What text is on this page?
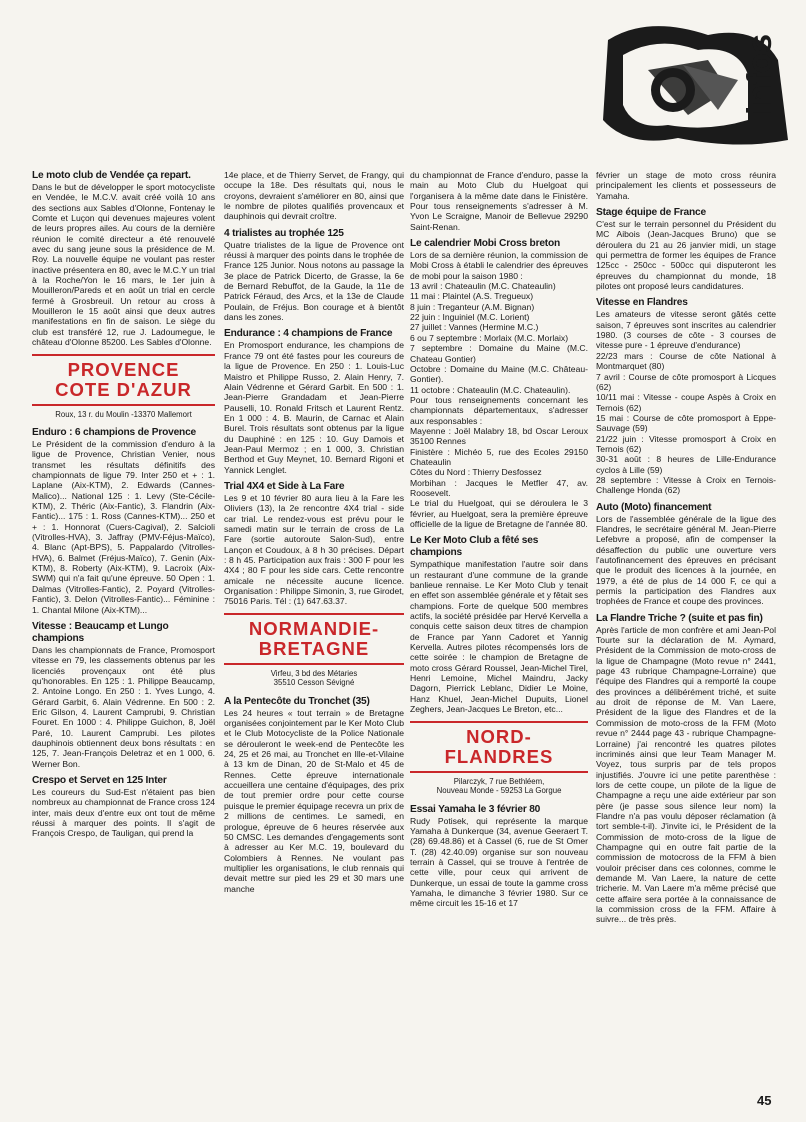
infos

Le moto club de Vendée ça repart.

Dans le but de développer le sport motocycliste en Vendée, le M.C.V. avait créé voilà 10 ans des sections aux Sables d'Olonne, Fontenay le Comte et Luçon qui devenues majeures volent de leurs propres ailes. Au cours de la dernière réunion le comité directeur a été renouvelé avec du sang jeune sous la présidence de M. Roy. La nouvelle équipe ne voulant pas rester inactive présentera en 80, avec le M.C.Y un trial à la Roche/Yon le 16 mars, le 1er juin à Mouilleron/Pareds et en août un trial en cercle fermé à Grosbreuil. Un retour au cross à Mouilleron le 15 août ainsi que deux autres manifestations en fin de saison. Le siège du club est transféré 12, rue J. Ladoumegue, le château d'Olonne 85200. Les Sables d'Olonne.

PROVENCE
COTE D'AZUR

Roux, 13 r. du Moulin -13370 Mallemort

Enduro : 6 champions de Provence

Le Président de la commission d'enduro à la ligue de Provence, Christian Venier, nous transmet les résultats définitifs des championnats de ligue 79. Inter 250 et + : 1. Laplane (Aix-KTM), 2. Edwards (Cannes-Malico)... National 125 : 1. Levy (Ste-Cécile-KTM), 2. Théric (Aix-Fantic), 3. Flandrin (Aix-Fantic)... 175 : 1. Ross (Cannes-KTM)... 250 et + : 1. Honnorat (Cuers-Cagival), 2. Salcioli (Vitrolles-HVA), 3. Jaffray (PMV-Féjus-Maïco), 4. Blanc (Apt-BPS), 5. Pappalardo (Vitrolles-HVA), 6. Balmet (Fréjus-Maïco), 7. Genin (Aix-KTM), 8. Roberty (Aix-KTM), 9. Lacroix (Aix-SWM) qui n'a fait qu'une épreuve. 50 Open : 1. Dalmas (Vitrolles-Fantic), 2. Poyard (Vitrolles-Fantic), 3. Delon (Vitrolles-Fantic)... Féminine : 1. Chantal Milone (Aix-KTM)...

Vitesse : Beaucamp et Lungo champions

Dans les championnats de France, Promosport vitesse en 79, les classements obtenus par les licenciés provençaux ont été plus qu'honorables. En 125 : 1. Philippe Beaucamp, 2. Antoine Longo. En 250 : 1. Yves Lungo, 4. Gérard Garbit, 6. Alain Védrenne. En 500 : 2. Eric Gilson, 4. Laurent Camprubi, 9. Christian Fouret. En 1000 : 4. Philippe Guichon, 8, Joël Paré, 10. Laurent Camprubi. Les pilotes dauphinois obtiennent deux bons résultats : en 125, 7. Jean-François Deletraz et en 1 000, 6. Werner Bon.

Crespo et Servet en 125 Inter

Les coureurs du Sud-Est n'étaient pas bien nombreux au championnat de France cross 124 inter, mais deux d'entre eux ont tout de même réussi à marquer des points. Il s'agit de François Crespo, de Tauligan, qui prend la

14e place, et de Thierry Servet, de Frangy, qui occupe la 18e. Des résultats qui, nous le croyons, devraient s'améliorer en 80, ainsi que le nombre de pilotes qualifiés provencaux et dauphinois qui devrait croître.

4 trialistes au trophée 125

Quatre trialistes de la ligue de Provence ont réussi à marquer des points dans le trophée de France 125 Junior. Nous notons au passage la 3e place de Patrick Dicerto, de Grasse, la 6e de Bernard Rebuffot, de la Gaude, la 11e de Patrick Féraud, des Arcs, et la 13e de Claude Poulain, de Fréjus. Bon courage et à bientôt dans les zones.

Endurance : 4 champions de France

En Promosport endurance, les champions de France 79 ont été fastes pour les coureurs de la ligue de Provence. En 250 : 1. Louis-Luc Maistro et Philippe Russo, 2. Alain Henry, 7. Alain Védrenne et Gérard Garbit. En 500 : 1. Jean-Pierre Grandadam et Jean-Pierre Pauselli, 10. Ronald Fritsch et Laurent Rentz. En 1 000 : 4. B. Maurin, de Carnac et Alain Burel. Trois résultats sont obtenus par la ligue du Dauphiné : en 125 : 10. Guy Damois et Jean-Paul Mermoz ; en 1 000, 3. Christian Berthod et Guy Meynet, 10. Bernard Rigoni et Yannick Lenglet.

Trial 4X4 et Side à La Fare

Les 9 et 10 février 80 aura lieu à la Fare les Oliviers (13), la 2e rencontre 4X4 trial - side car trial. Le rendez-vous est prévu pour le samedi matin sur le terrain de cross de La Fare (sortie autoroute Salon-Sud), entre Lançon et Coudoux, à 8 h 30 précises. Départ : 8 h 45. Participation aux frais : 300 F pour les 4X4 ; 80 F pour les side cars. Cette rencontre amicale ne nécessite aucune licence. Organisation : Philippe Simonin, 3, rue Girodet, 75016 Paris. Tél : (1) 647.63.37.

NORMANDIE-
BRETAGNE
Virfeu, 3 bd des Métaries
35510 Cesson Sévigné

A la Pentecôte du Tronchet (35)

Les 24 heures « tout terrain » de Bretagne organisées conjointement par le Ker Moto Club et le Club Motocycliste de la Police Nationale se dérouleront le week-end de Pentecôte les 24, 25 et 26 mai, au Tronchet en Ille-et-Vilaine à 13 km de Dinan, 20 de St-Malo et 45 de Rennes. Cette épreuve internationale accueillera une centaine d'équipages, des prix de tout premier ordre pour cette course puisque le premier équipage recevra un prix de 2 millions de centimes. Le samedi, en prologue, épreuve de 6 heures réservée aux 50 CMSC. Les demandes d'engagements sont à adresser au Ker M.C. 19, boulevard du Colombiers à Rennes. Ne voulant pas multiplier les organisations, le club rennais qui devait mettre sur pied les 29 et 30 mars une manche

du championnat de France d'enduro, passe la main au Moto Club du Huelgoat qui l'organisera à la même date dans le Finistère. Pour tous renseignements s'adresser à M. Yvon Le Scraigne, Manoir de Bellevue 29290 Saint-Renan.

Le calendrier Mobi Cross breton

Lors de sa dernière réunion, la commission de Mobi Cross à établi le calendrier des épreuves de mobi pour la saison 1980 :
13 avril : Chateaulin (M.C. Chateaulin)
11 mai : Plaintel (A.S. Tregueux)
8 juin : Treganteur (A.M. Bignan)
22 juin : Inguiniel (M.C. Lorient)
27 juillet : Vannes (Hermine M.C.)
6 ou 7 septembre : Morlaix (M.C. Morlaix)
7 septembre : Domaine du Maine (M.C. Chateau Gontier)
Octobre : Domaine du Maine (M.C. Château-Gontier).
11 octobre : Chateaulin (M.C. Chateaulin).
Pour tous renseignements concernant les championnats départementaux, s'adresser aux responsables :
Mayenne : Joël Malabry 18, bd Oscar Leroux 35100 Rennes
Finistère : Michéo 5, rue des Ecoles 29150 Chateaulin
Côtes du Nord : Thierry Desfossez
Morbihan : Jacques le Metfler 47, av. Roosevelt.
Le trial du Huelgoat, qui se déroulera le 3 février, au Huelgoat, sera la première épreuve officielle de la ligue de Bretagne de l'année 80.

Le Ker Moto Club a fêté ses champions

Sympathique manifestation l'autre soir dans un restaurant d'une commune de la grande banlieue rennaise. Le Ker Moto Club y tenait en effet son assemblée générale et y fêtait ses champions. Forte de quelque 500 membres actifs, la société présidée par Hervé Kervella a conquis cette saison deux titres de champion de France par Yann Cadoret et Yannig Kervella. Autres pilotes récompensés lors de cette soirée : le champion de Bretagne de moto cross Gérard Roussel, Jean-Michel Tirel, Henri Lemoine, Michel Maindru, Jacky Dagorn, Pierrick Leblanc, Didier Le Moine, Hanz Khuel, Jean-Michel Dupuits, Lionel Zeghers, Jean-Jacques Le Breton, etc...

NORD-
FLANDRES
Pilarczyk, 7 rue Bethléem,
Nouveau Monde - 59253 La Gorgue

Essai Yamaha le 3 février 80

Rudy Potisek, qui représente la marque Yamaha à Dunkerque (34, avenue Geeraert T. (28) 69.48.86) et à Cassel (6, rue de St Omer T. (28) 42.40.09) organise sur son nouveau terrain à Cassel, qui se trouve à l'entrée de cette ville, pour ceux qui arrivent de Dunkerque, un essai de toute la gamme cross Yamaha, le dimanche 3 février 1980. Sur ce même circuit les 15-16 et 17

février un stage de moto cross réunira principalement les clients et possesseurs de Yamaha.

Stage équipe de France

C'est sur le terrain personnel du Président du MC Aibois (Jean-Jacques Bruno) que se déroulera du 21 au 26 janvier midi, un stage qui permettra de former les équipes de France 125cc - 250cc - 500cc qui disputeront les épreuves du championnat du monde, 18 pilotes ont proposé leurs candidatures.

Vitesse en Flandres

Les amateurs de vitesse seront gâtés cette saison, 7 épreuves sont inscrites au calendrier 1980. (3 courses de côte - 3 courses de vitesse pure - 1 épreuve d'endurance)
22/23 mars : Course de côte National à Montmarquet (80)
7 avril : Course de côte promosport à Licques (62)
10/11 mai : Vitesse - coupe Aspès à Croix en Ternois (62)
15 mai : Course de côte promosport à Eppe-Sauvage (59)
21/22 juin : Vitesse promosport à Croix en Ternois (62)
30-31 août : 8 heures de Lille-Endurance cyclos à Lille (59)
28 septembre : Vitesse à Croix en Ternois-Challenge Honda (62)

Auto (Moto) financement

Lors de l'assemblée générale de la ligue des Flandres, le secrétaire général M. Jean-Pierre Lefebvre a proposé, afin de compenser la désaffection du public une ouverture vers l'autofinancement des épreuves en précisant que le produit des licences à la journée, en 1979, a été de plus de 14 000 F, ce qui a permis la participation des Flandres aux trophées de France et coupe des provinces.

La Flandre Triche ? (suite et pas fin)

Après l'article de mon confrère et ami Jean-Pol Tourte sur la déclaration de M. Aymard, Président de la Commission de moto-cross de la ligue de Champagne (Moto revue n° 2441, page 43 rubrique Champagne-Lorraine) que l'équipe des Flandres qui a remporté la coupe des provinces a délibérément triché, et suite au droit de réponse de M. Van Laere, Président de la ligue des Flandres et de la Commission de moto-cross de la FFM (Moto revue n° 2444 page 43 - rubrique Champagne-Lorraine) j'ai rencontré les quatres pilotes incriminés ainsi que leur Team Manager M. Voyez, tous surpris par de tels propos injustifiés. J'ouvre ici une petite parenthèse : lors de cette coupe, un pilote de la ligue de Champagne a reçu une aide extérieur par son père (je passe sous silence leur nom) la Flandre n'a pas voulu déposer réclamation (à tort semble-t-il). J'invite ici, le Président de la Commission de moto-cross de la ligue de Champagne qui en outre fait partie de la commission de motocross de la FFM à bien vouloir préciser dans ces colonnes, comme le demande M. Van Laere, la nature de cette tricherie. M. Van Laere m'a même précisé que cette affaire sera portée à la connaissance de la commission cross de la FFM. Affaire à suivre... de très près.

45
